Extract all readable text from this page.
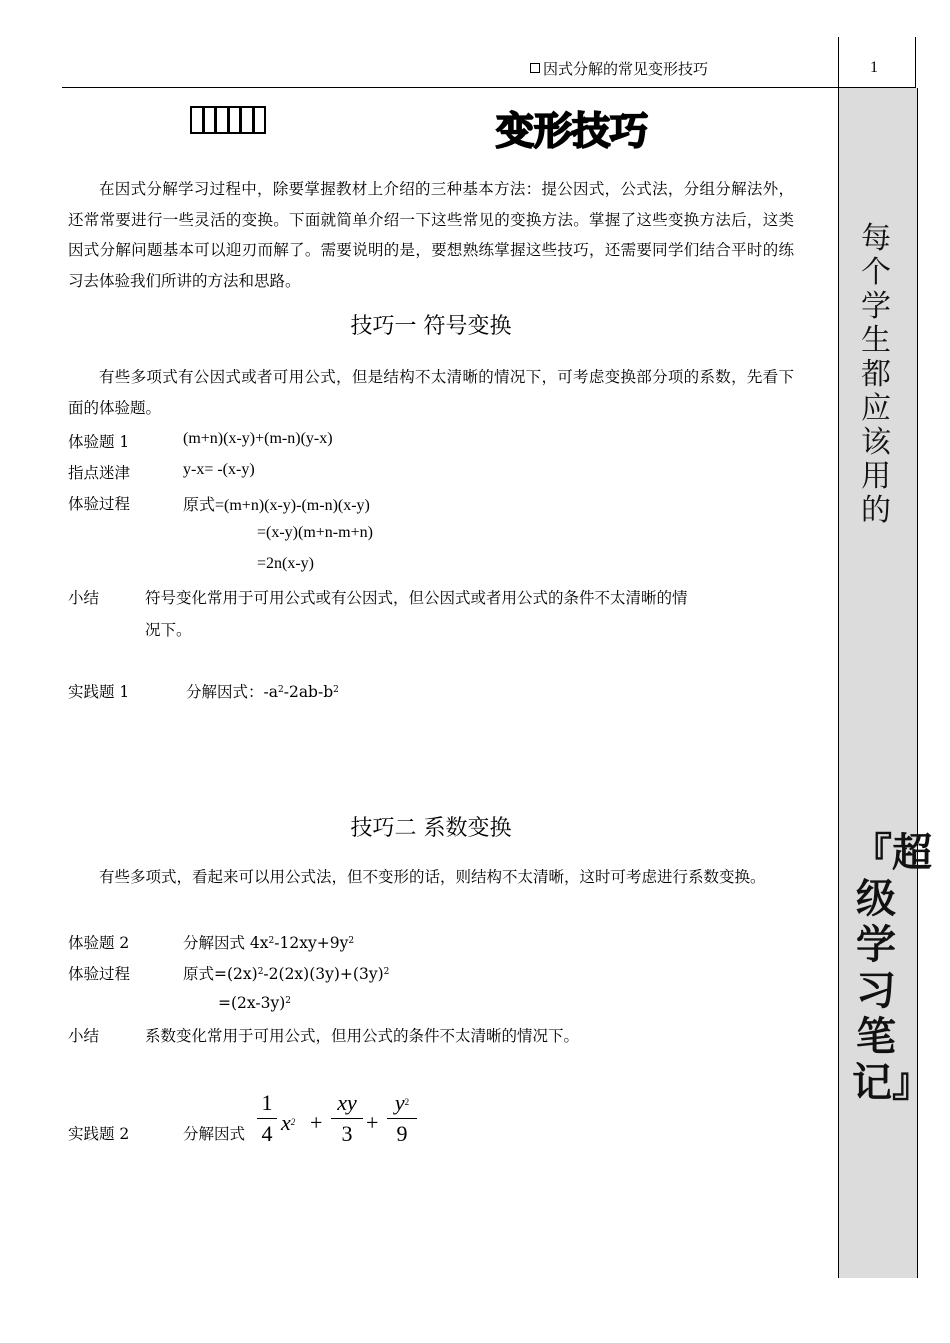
因式分解的常见变形技巧	1
每个学生都应该用的
『超级学习笔记』
变形技巧
在因式分解学习过程中，除要掌握教材上介绍的三种基本方法：提公因式，公式法，分组分解法外，还常常要进行一些灵活的变换。下面就简单介绍一下这些常见的变换方法。掌握了这些变换方法后，这类因式分解问题基本可以迎刃而解了。需要说明的是，要想熟练掌握这些技巧，还需要同学们结合平时的练习去体验我们所讲的方法和思路。
技巧一 符号变换
有些多项式有公因式或者可用公式，但是结构不太清晰的情况下，可考虑变换部分项的系数，先看下面的体验题。
体验题 1	(m+n)(x-y)+(m-n)(y-x)
指点迷津	y-x= -(x-y)
体验过程	原式=(m+n)(x-y)-(m-n)(x-y)
=(x-y)(m+n-m+n)
=2n(x-y)
小结	符号变化常用于可用公式或有公因式，但公因式或者用公式的条件不太清晰的情
况下。
实践题 1	分解因式：$-a^2-2ab-b^2$
技巧二 系数变换
有些多项式，看起来可以用公式法，但不变形的话，则结构不太清晰，这时可考虑进行系数变换。
体验题 2	分解因式 $4x^2-12xy+9y^2$
体验过程	原式$=(2x)^2-2(2x)(3y)+(3y)^2$
$=(2x-3y)^2$
小结	系数变化常用于可用公式，但用公式的条件不太清晰的情况下。
实践题 2	分解因式
1
4 $x^2$ +
xy
3 +
$y^2$
9
